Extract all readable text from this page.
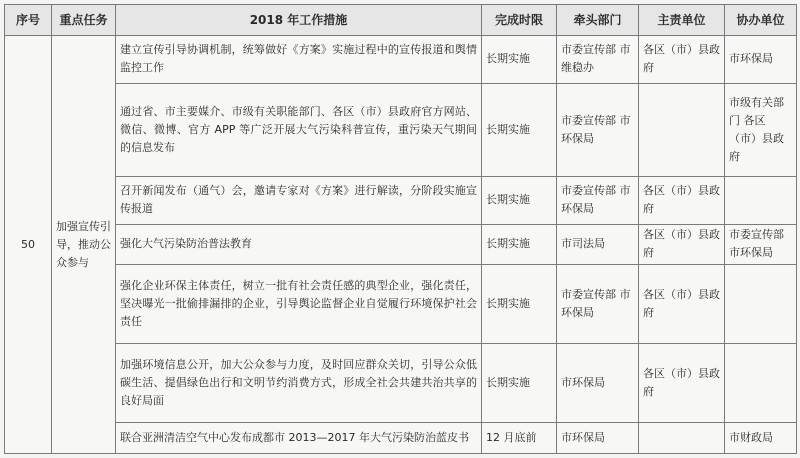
序号	重点任务	2018 年工作措施	完成时限	牵头部门	主责单位	协办单位
50	加强宣传引导，推动公众参与	建立宣传引导协调机制，统筹做好《方案》实施过程中的宣传报道和舆情监控工作	长期实施	市委宣传部 市维稳办	各区（市）县政府	市环保局
		通过省、市主要媒介、市级有关职能部门、各区（市）县政府官方网站、微信、微博、官方 APP 等广泛开展大气污染科普宣传，重污染天气期间的信息发布	长期实施	市委宣传部 市环保局		市级有关部门 各区（市）县政府
		召开新闻发布（通气）会，邀请专家对《方案》进行解读，分阶段实施宣传报道	长期实施	市委宣传部 市环保局	各区（市）县政府	
		强化大气污染防治普法教育	长期实施	市司法局	各区（市）县政府	市委宣传部 市环保局
		强化企业环保主体责任，树立一批有社会责任感的典型企业，强化责任，坚决曝光一批偷排漏排的企业，引导舆论监督企业自觉履行环境保护社会责任	长期实施	市委宣传部 市环保局	各区（市）县政府	
		加强环境信息公开，加大公众参与力度，及时回应群众关切，引导公众低碳生活、提倡绿色出行和文明节约消费方式，形成全社会共建共治共享的良好局面	长期实施	市环保局	各区（市）县政府	
		联合亚洲清洁空气中心发布成都市 2013—2017 年大气污染防治蓝皮书	12 月底前	市环保局		市财政局
